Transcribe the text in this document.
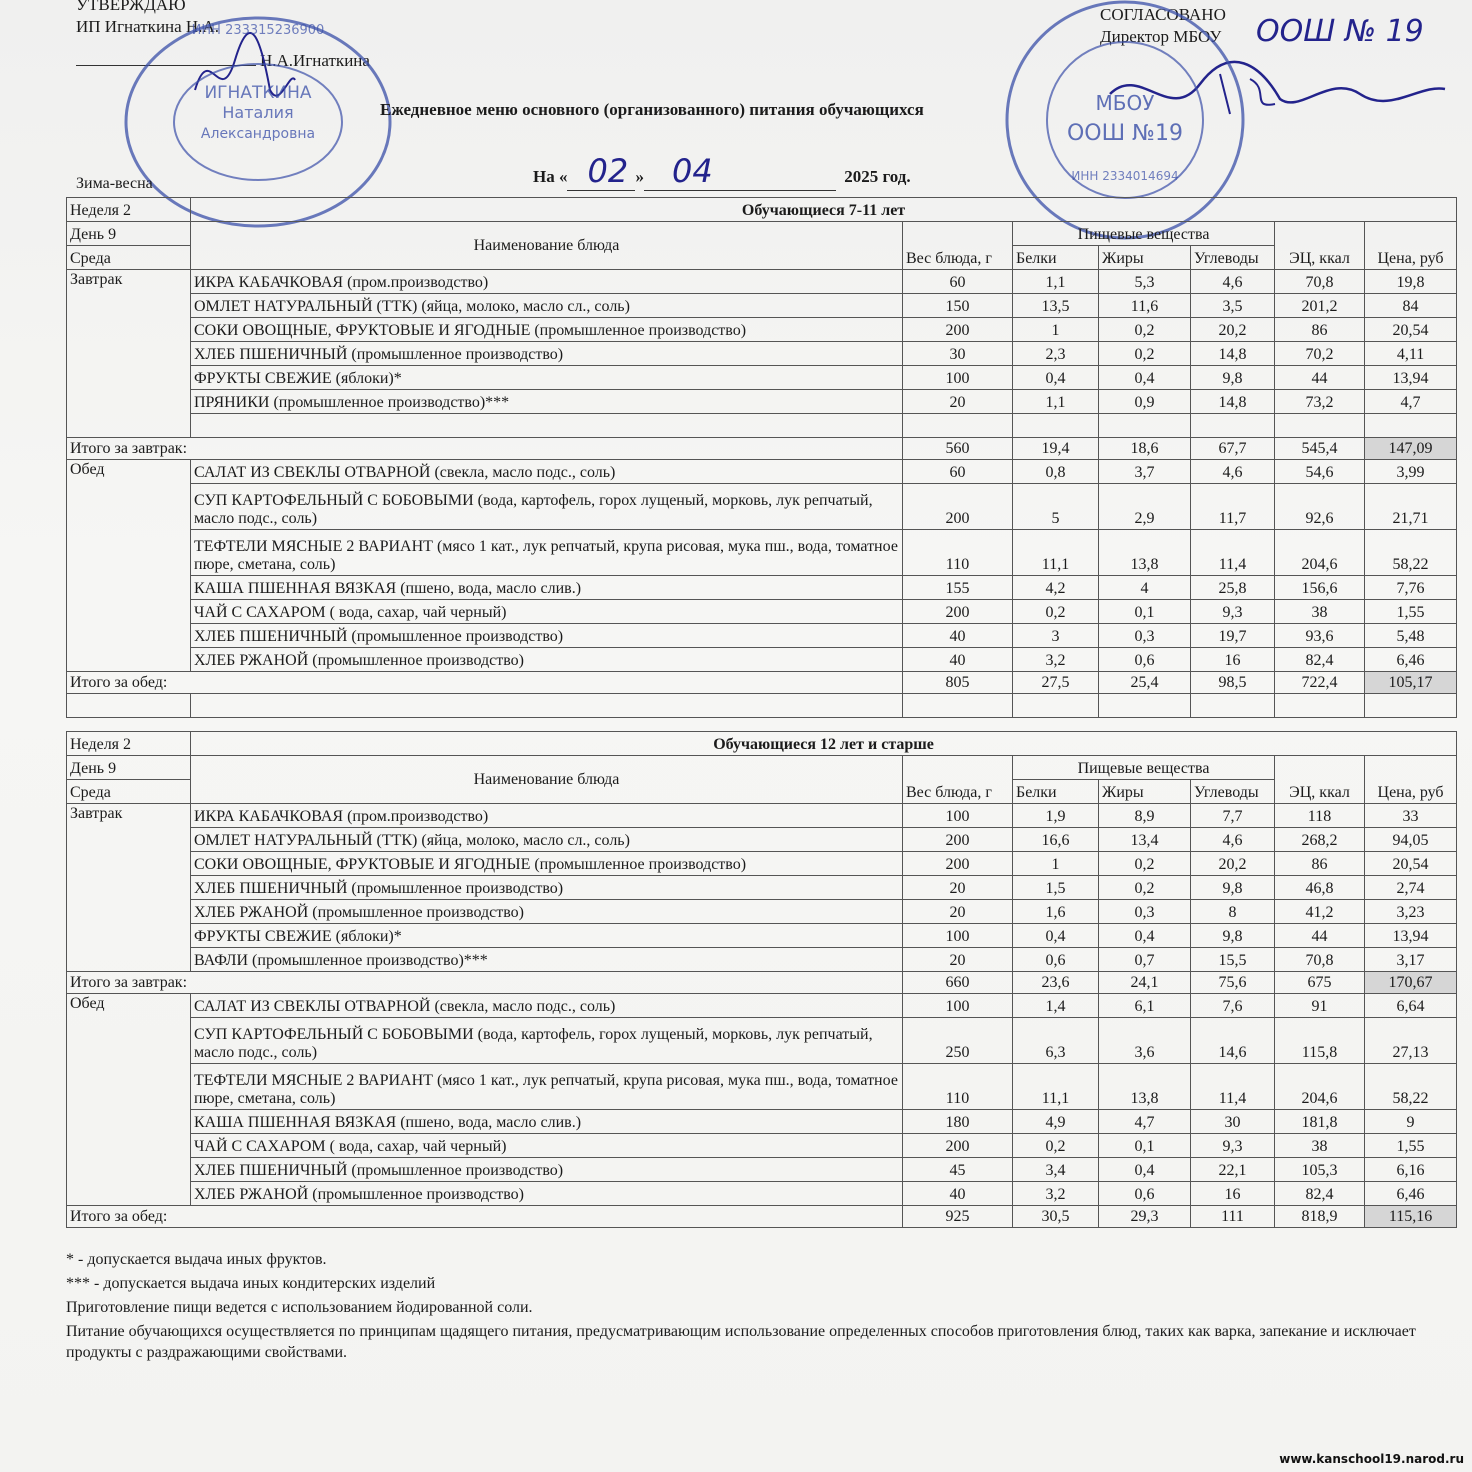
УТВЕРЖДАЮ
ИП Игнаткина Н.А.
Н.А.Игнаткина
СОГЛАСОВАНО
Директор МБОУ ООШ № 19
ИГНАТКИНА
Наталия
Александровна
ИНН 233315236900
МБОУ
ООШ №19
ИНН 2334014694
Ежедневное меню основного (организованного) питания обучающихся
На « 02 » 04	2025 год.
Зима-весна
Неделя 2	Обучающиеся 7-11 лет						
День 9	Наименование блюда	Вес блюда, г	Пищевые вещества			ЭЦ, ккал	Цена, руб
Среда			Белки	Жиры	Углеводы		
Завтрак	ИКРА КАБАЧКОВАЯ (пром.производство)	60	1,1	5,3	4,6	70,8	19,8
	ОМЛЕТ НАТУРАЛЬНЫЙ (ТТК) (яйца, молоко, масло сл., соль)	150	13,5	11,6	3,5	201,2	84
	СОКИ ОВОЩНЫЕ, ФРУКТОВЫЕ И ЯГОДНЫЕ (промышленное производство)	200	1	0,2	20,2	86	20,54
	ХЛЕБ ПШЕНИЧНЫЙ (промышленное производство)	30	2,3	0,2	14,8	70,2	4,11
	ФРУКТЫ СВЕЖИЕ (яблоки)*	100	0,4	0,4	9,8	44	13,94
	ПРЯНИКИ (промышленное производство)***	20	1,1	0,9	14,8	73,2	4,7

Итого за завтрак:		560	19,4	18,6	67,7	545,4	147,09
Обед	САЛАТ ИЗ СВЕКЛЫ ОТВАРНОЙ (свекла, масло подс., соль)	60	0,8	3,7	4,6	54,6	3,99
	СУП КАРТОФЕЛЬНЫЙ С БОБОВЫМИ (вода, картофель, горох лущеный, морковь, лук репчатый, масло подс., соль)	200	5	2,9	11,7	92,6	21,71
	ТЕФТЕЛИ МЯСНЫЕ 2 ВАРИАНТ (мясо 1 кат., лук репчатый, крупа рисовая, мука пш., вода, томатное пюре, сметана, соль)	110	11,1	13,8	11,4	204,6	58,22
	КАША ПШЕННАЯ ВЯЗКАЯ (пшено, вода, масло слив.)	155	4,2	4	25,8	156,6	7,76
	ЧАЙ С САХАРОМ ( вода, сахар, чай черный)	200	0,2	0,1	9,3	38	1,55
	ХЛЕБ ПШЕНИЧНЫЙ (промышленное производство)	40	3	0,3	19,7	93,6	5,48
	ХЛЕБ РЖАНОЙ (промышленное производство)	40	3,2	0,6	16	82,4	6,46
Итого за обед:		805	27,5	25,4	98,5	722,4	105,17

Неделя 2	Обучающиеся 12 лет и старше						
День 9	Наименование блюда	Вес блюда, г	Пищевые вещества			ЭЦ, ккал	Цена, руб
Среда			Белки	Жиры	Углеводы		
Завтрак	ИКРА КАБАЧКОВАЯ (пром.производство)	100	1,9	8,9	7,7	118	33
	ОМЛЕТ НАТУРАЛЬНЫЙ (ТТК) (яйца, молоко, масло сл., соль)	200	16,6	13,4	4,6	268,2	94,05
	СОКИ ОВОЩНЫЕ, ФРУКТОВЫЕ И ЯГОДНЫЕ (промышленное производство)	200	1	0,2	20,2	86	20,54
	ХЛЕБ ПШЕНИЧНЫЙ (промышленное производство)	20	1,5	0,2	9,8	46,8	2,74
	ХЛЕБ РЖАНОЙ (промышленное производство)	20	1,6	0,3	8	41,2	3,23
	ФРУКТЫ СВЕЖИЕ (яблоки)*	100	0,4	0,4	9,8	44	13,94
	ВАФЛИ (промышленное производство)***	20	0,6	0,7	15,5	70,8	3,17
Итого за завтрак:		660	23,6	24,1	75,6	675	170,67
Обед	САЛАТ ИЗ СВЕКЛЫ ОТВАРНОЙ (свекла, масло подс., соль)	100	1,4	6,1	7,6	91	6,64
	СУП КАРТОФЕЛЬНЫЙ С БОБОВЫМИ (вода, картофель, горох лущеный, морковь, лук репчатый, масло подс., соль)	250	6,3	3,6	14,6	115,8	27,13
	ТЕФТЕЛИ МЯСНЫЕ 2 ВАРИАНТ (мясо 1 кат., лук репчатый, крупа рисовая, мука пш., вода, томатное пюре, сметана, соль)	110	11,1	13,8	11,4	204,6	58,22
	КАША ПШЕННАЯ ВЯЗКАЯ (пшено, вода, масло слив.)	180	4,9	4,7	30	181,8	9
	ЧАЙ С САХАРОМ ( вода, сахар, чай черный)	200	0,2	0,1	9,3	38	1,55
	ХЛЕБ ПШЕНИЧНЫЙ (промышленное производство)	45	3,4	0,4	22,1	105,3	6,16
	ХЛЕБ РЖАНОЙ (промышленное производство)	40	3,2	0,6	16	82,4	6,46
Итого за обед:		925	30,5	29,3	111	818,9	115,16

* - допускается выдача иных фруктов.

*** - допускается выдача иных кондитерских изделий

Приготовление пищи ведется с использованием йодированной соли.

Питание обучающихся осуществляется по принципам щадящего питания, предусматривающим использование определенных способов приготовления блюд, таких как варка, запекание и исключает продукты с раздражающими свойствами.

www.kanschool19.narod.ru
